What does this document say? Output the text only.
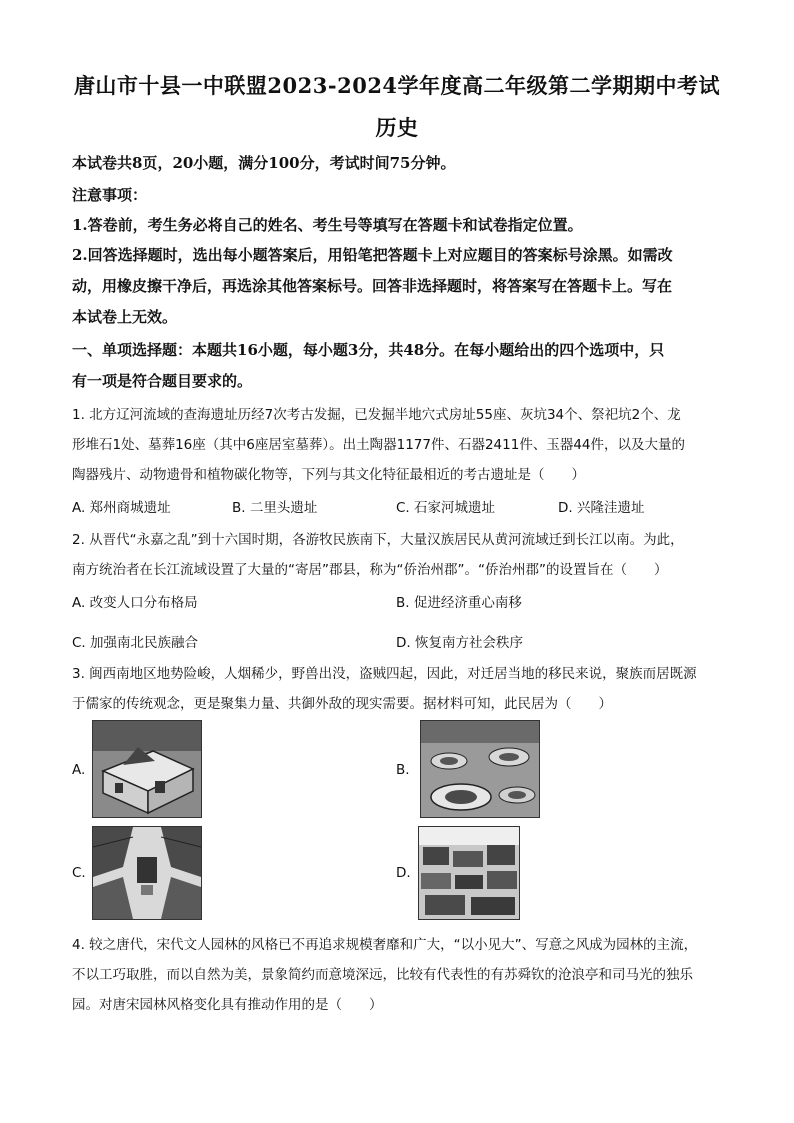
唐山市十县一中联盟2023-2024学年度高二年级第二学期期中考试
历史
本试卷共8页，20小题，满分100分，考试时间75分钟。
注意事项：
1.答卷前，考生务必将自己的姓名、考生号等填写在答题卡和试卷指定位置。
2.回答选择题时，选出每小题答案后，用铅笔把答题卡上对应题目的答案标号涂黑。如需改
动，用橡皮擦干净后，再选涂其他答案标号。回答非选择题时，将答案写在答题卡上。写在
本试卷上无效。
一、单项选择题：本题共16小题，每小题3分，共48分。在每小题给出的四个选项中，只
有一项是符合题目要求的。
1. 北方辽河流域的查海遗址历经7次考古发掘，已发掘半地穴式房址55座、灰坑34个、祭祀坑2个、龙
形堆石1处、墓葬16座（其中6座居室墓葬）。出土陶器1177件、石器2411件、玉器44件，以及大量的
陶器残片、动物遗骨和植物碳化物等，下列与其文化特征最相近的考古遗址是（　　）
A. 郑州商城遗址	B. 二里头遗址	C. 石家河城遗址	D. 兴隆洼遗址
2. 从晋代“永嘉之乱”到十六国时期，各游牧民族南下，大量汉族居民从黄河流域迁到长江以南。为此，
南方统治者在长江流域设置了大量的“寄居”郡县，称为“侨治州郡”。“侨治州郡”的设置旨在（　　）
A. 改变人口分布格局	B. 促进经济重心南移
C. 加强南北民族融合	D. 恢复南方社会秩序
3. 闽西南地区地势险峻，人烟稀少，野兽出没，盗贼四起，因此，对迁居当地的移民来说，聚族而居既源
于儒家的传统观念，更是聚集力量、共御外敌的现实需要。据材料可知，此民居为（　　）
A.	B.
C.	D.
4. 较之唐代，宋代文人园林的风格已不再追求规模奢靡和广大，“以小见大”、写意之风成为园林的主流，
不以工巧取胜，而以自然为美，景象简约而意境深远，比较有代表性的有苏舜钦的沧浪亭和司马光的独乐
园。对唐宋园林风格变化具有推动作用的是（　　）
